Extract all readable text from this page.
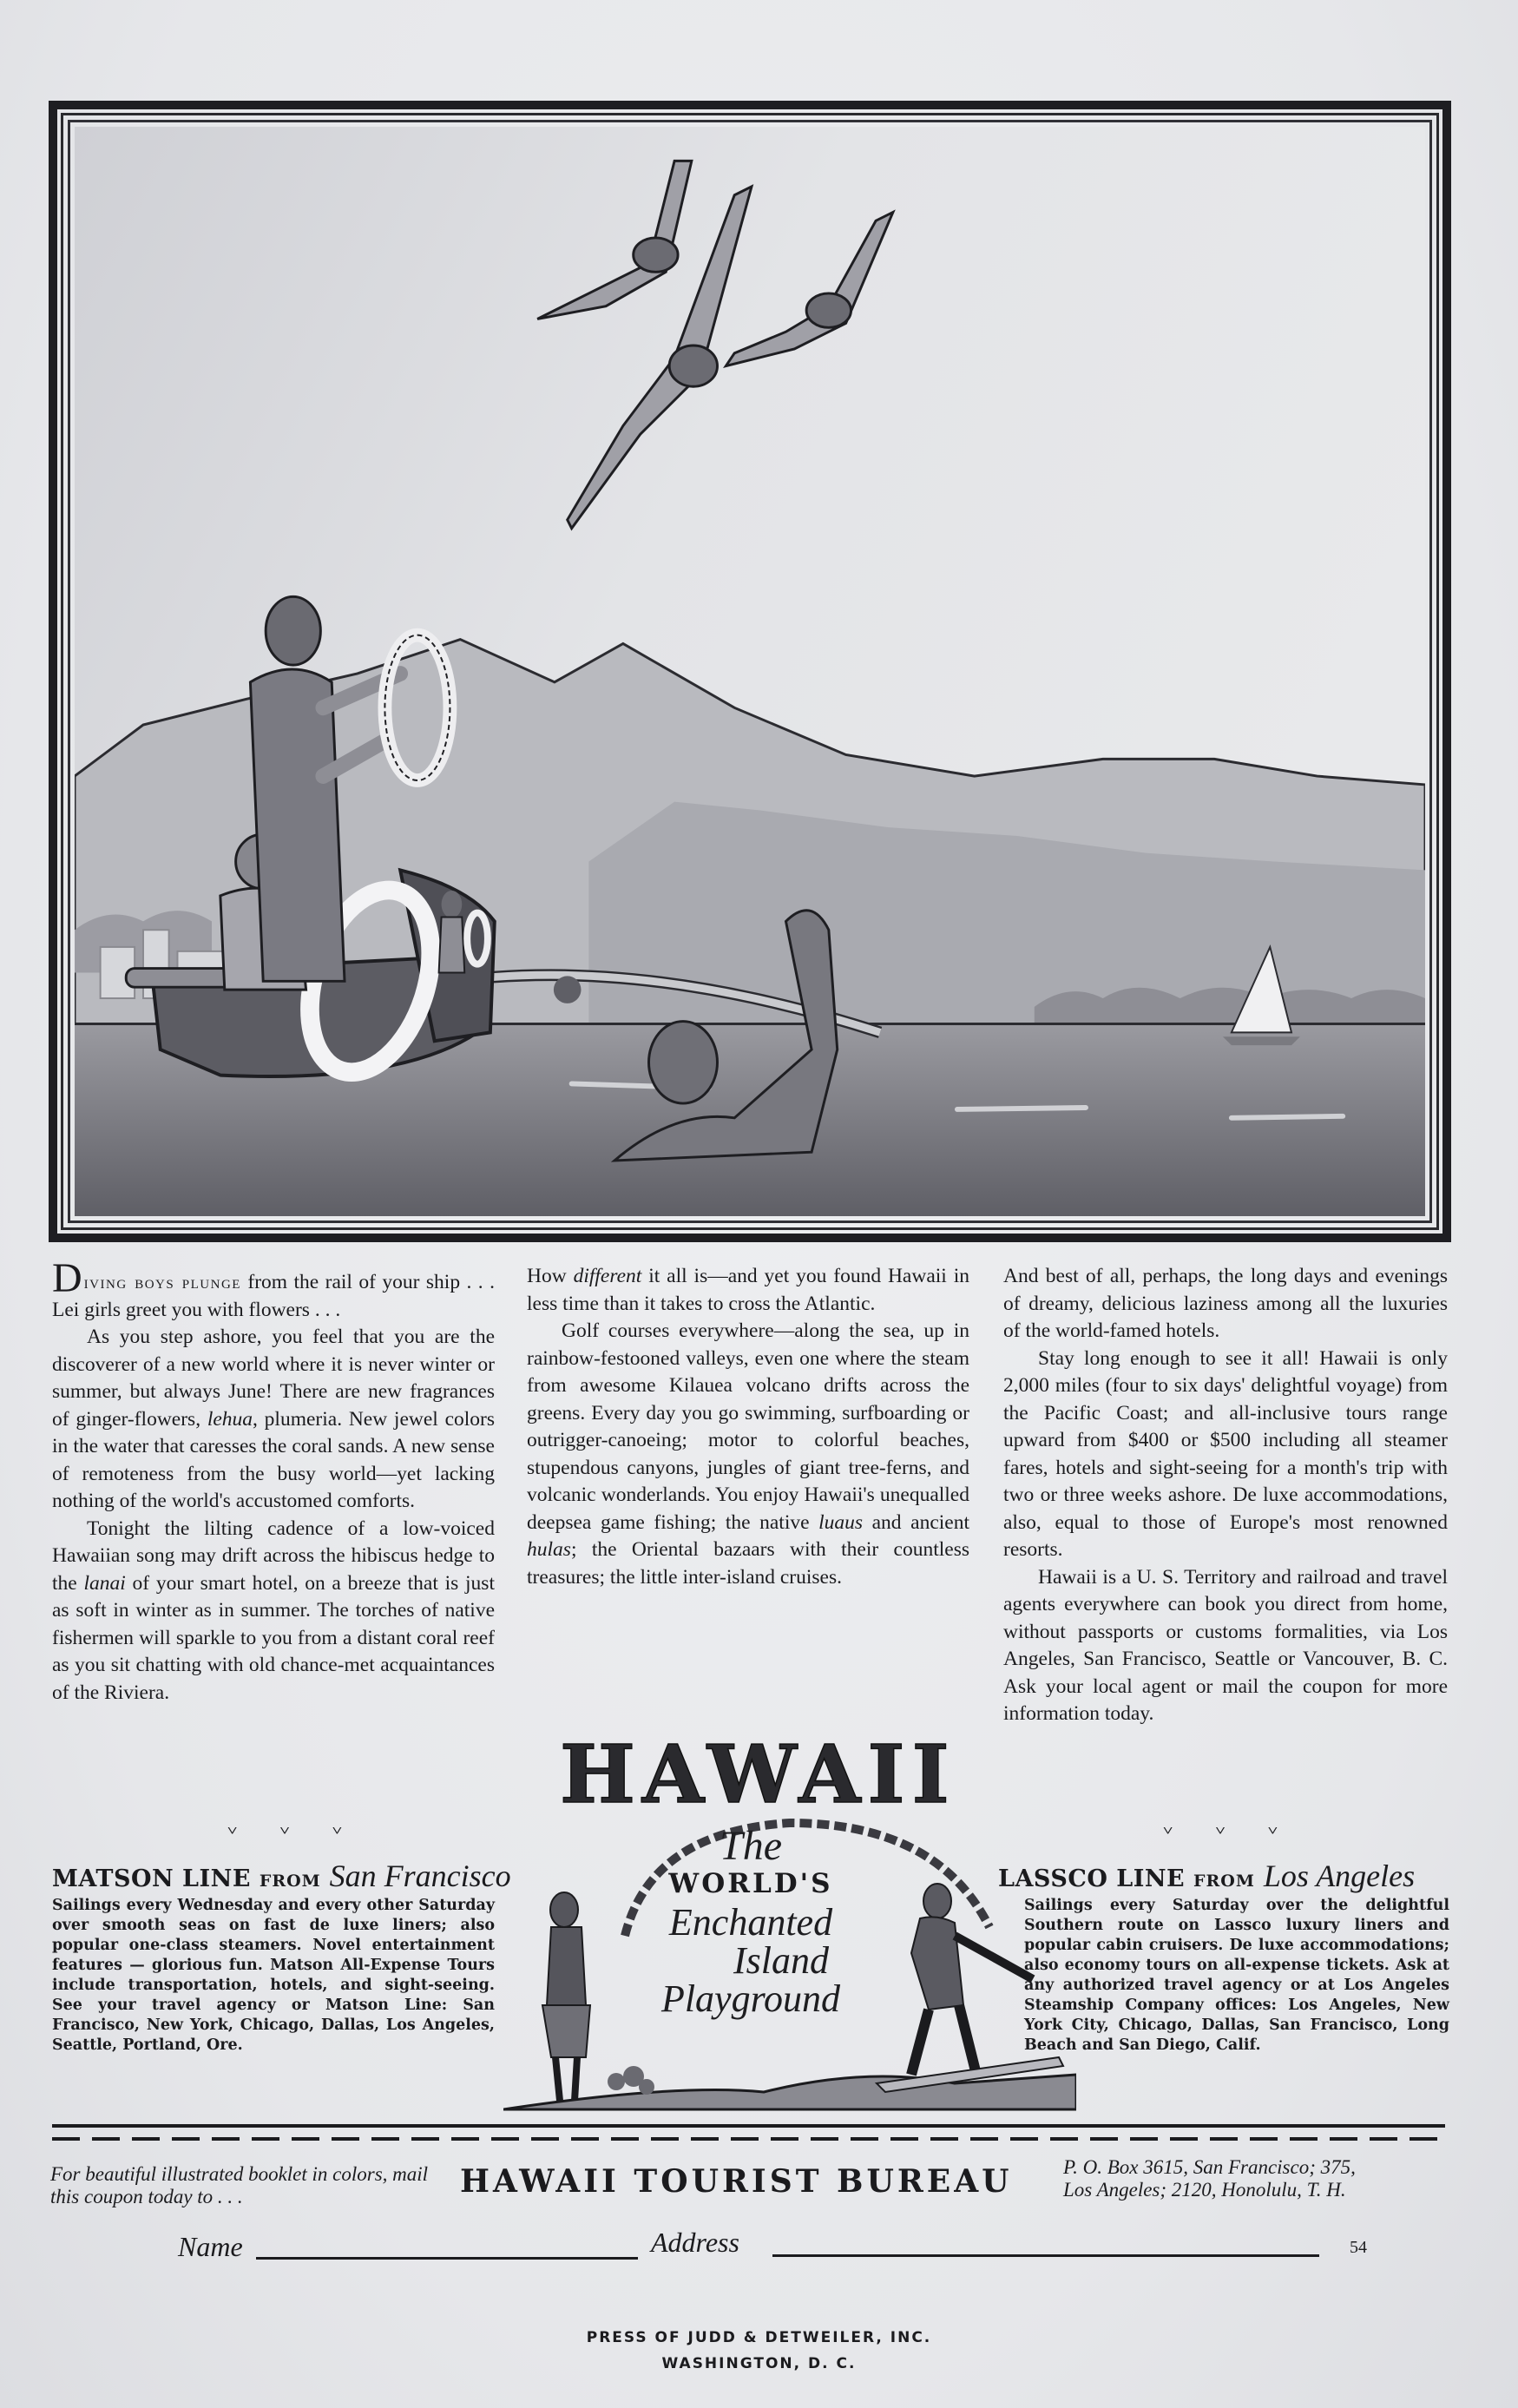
Diving boys plunge from the rail of your ship . . . Lei girls greet you with flowers . . .

As you step ashore, you feel that you are the discoverer of a new world where it is never winter or summer, but always June! There are new fragrances of ginger-flowers, lehua, plumeria. New jewel colors in the water that caresses the coral sands. A new sense of remoteness from the busy world—yet lacking nothing of the world's accustomed comforts.

Tonight the lilting cadence of a low-voiced Hawaiian song may drift across the hibiscus hedge to the lanai of your smart hotel, on a breeze that is just as soft in winter as in summer. The torches of native fishermen will sparkle to you from a distant coral reef as you sit chatting with old chance-met acquaintances of the Riviera.

How different it all is—and yet you found Hawaii in less time than it takes to cross the Atlantic.

Golf courses everywhere—along the sea, up in rainbow-festooned valleys, even one where the steam from awesome Kilauea volcano drifts across the greens. Every day you go swimming, surfboarding or outrigger-canoeing; motor to colorful beaches, stupendous canyons, jungles of giant tree-ferns, and volcanic wonderlands. You enjoy Hawaii's unequalled deepsea game fishing; the native luaus and ancient hulas; the Oriental bazaars with their countless treasures; the little inter-island cruises.

And best of all, perhaps, the long days and evenings of dreamy, delicious laziness among all the luxuries of the world-famed hotels.

Stay long enough to see it all! Hawaii is only 2,000 miles (four to six days' delightful voyage) from the Pacific Coast; and all-inclusive tours range upward from $400 or $500 including all steamer fares, hotels and sight-seeing for a month's trip with two or three weeks ashore. De luxe accommodations, also, equal to those of Europe's most renowned resorts.

Hawaii is a U. S. Territory and railroad and travel agents everywhere can book you direct from home, without passports or customs formalities, via Los Angeles, San Francisco, Seattle or Vancouver, B. C. Ask your local agent or mail the coupon for more information today.

˅ ˅ ˅	˅ ˅ ˅
HAWAII
The
WORLD'S
Enchanted
Island
Playground
MATSON LINE FROM San Francisco
Sailings every Wednesday and every other Saturday over smooth seas on fast de luxe liners; also popular one-class steamers. Novel entertainment features — glorious fun. Matson All-Expense Tours include transportation, hotels, and sight-seeing. See your travel agency or Matson Line: San Francisco, New York, Chicago, Dallas, Los Angeles, Seattle, Portland, Ore.
LASSCO LINE FROM Los Angeles
Sailings every Saturday over the delightful Southern route on Lassco luxury liners and popular cabin cruisers. De luxe accommodations; also economy tours on all-expense tickets. Ask at any authorized travel agency or at Los Angeles Steamship Company offices: Los Angeles, New York City, Chicago, Dallas, San Francisco, Long Beach and San Diego, Calif.
For beautiful illustrated booklet in colors, mail this coupon today to . . .	HAWAII TOURIST BUREAU	P. O. Box 3615, San Francisco; 375,
Los Angeles; 2120, Honolulu, T. H.
Name	Address	54
PRESS OF JUDD & DETWEILER, INC.
WASHINGTON, D. C.
